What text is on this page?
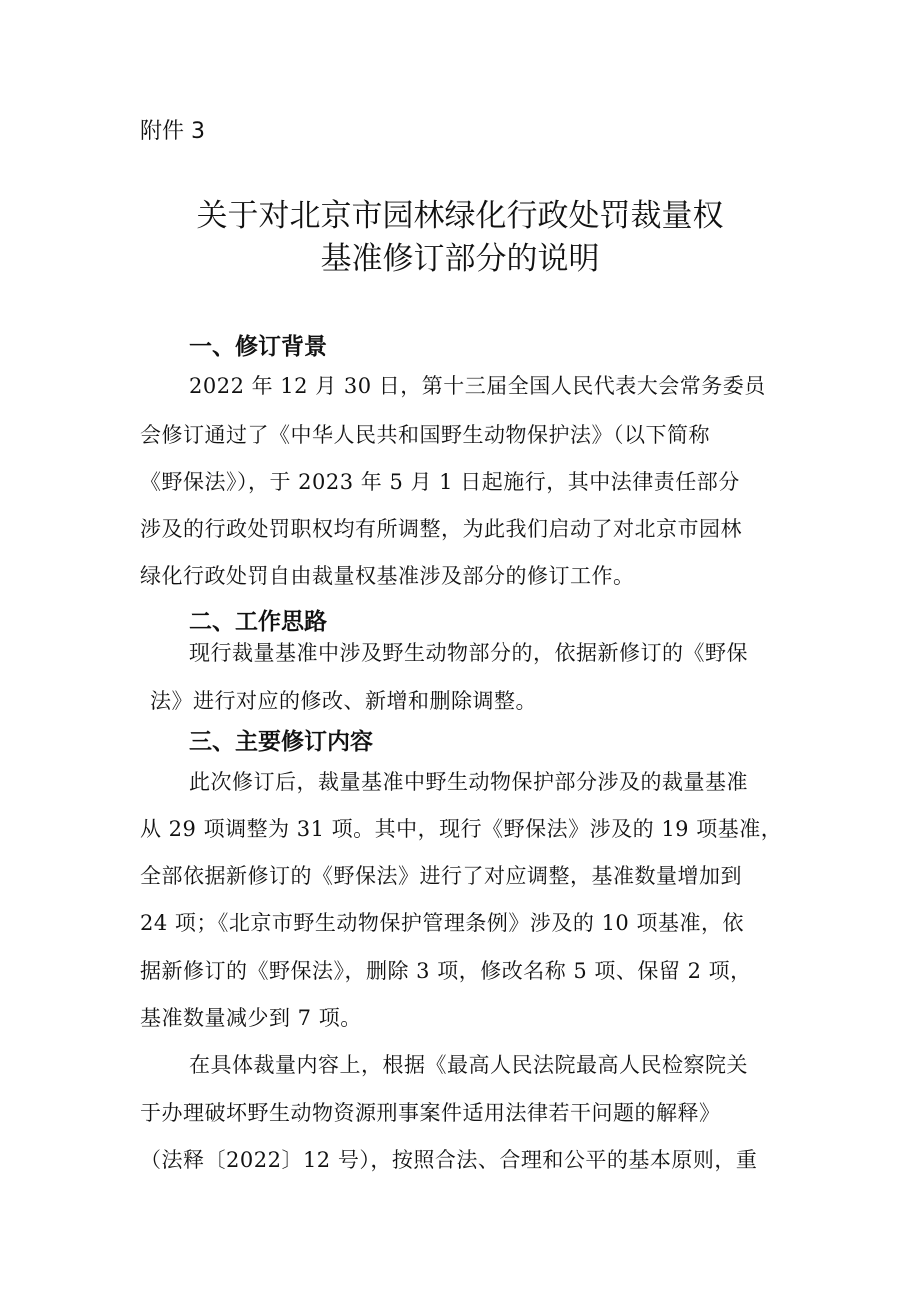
附件 3
关于对北京市园林绿化行政处罚裁量权
基准修订部分的说明
一、修订背景
2022 年 12 月 30 日，第十三届全国人民代表大会常务委员
会修订通过了《中华人民共和国野生动物保护法》（以下简称
《野保法》），于 2023 年 5 月 1 日起施行，其中法律责任部分
涉及的行政处罚职权均有所调整，为此我们启动了对北京市园林
绿化行政处罚自由裁量权基准涉及部分的修订工作。
二、工作思路
现行裁量基准中涉及野生动物部分的，依据新修订的《野保
法》进行对应的修改、新增和删除调整。
三、主要修订内容
此次修订后，裁量基准中野生动物保护部分涉及的裁量基准
从 29 项调整为 31 项。其中，现行《野保法》涉及的 19 项基准，
全部依据新修订的《野保法》进行了对应调整，基准数量增加到
24 项；《北京市野生动物保护管理条例》涉及的 10 项基准，依
据新修订的《野保法》，删除 3 项，修改名称 5 项、保留 2 项，
基准数量减少到 7 项。
在具体裁量内容上，根据《最高人民法院最高人民检察院关
于办理破坏野生动物资源刑事案件适用法律若干问题的解释》
（法释〔2022〕12 号），按照合法、合理和公平的基本原则，重
